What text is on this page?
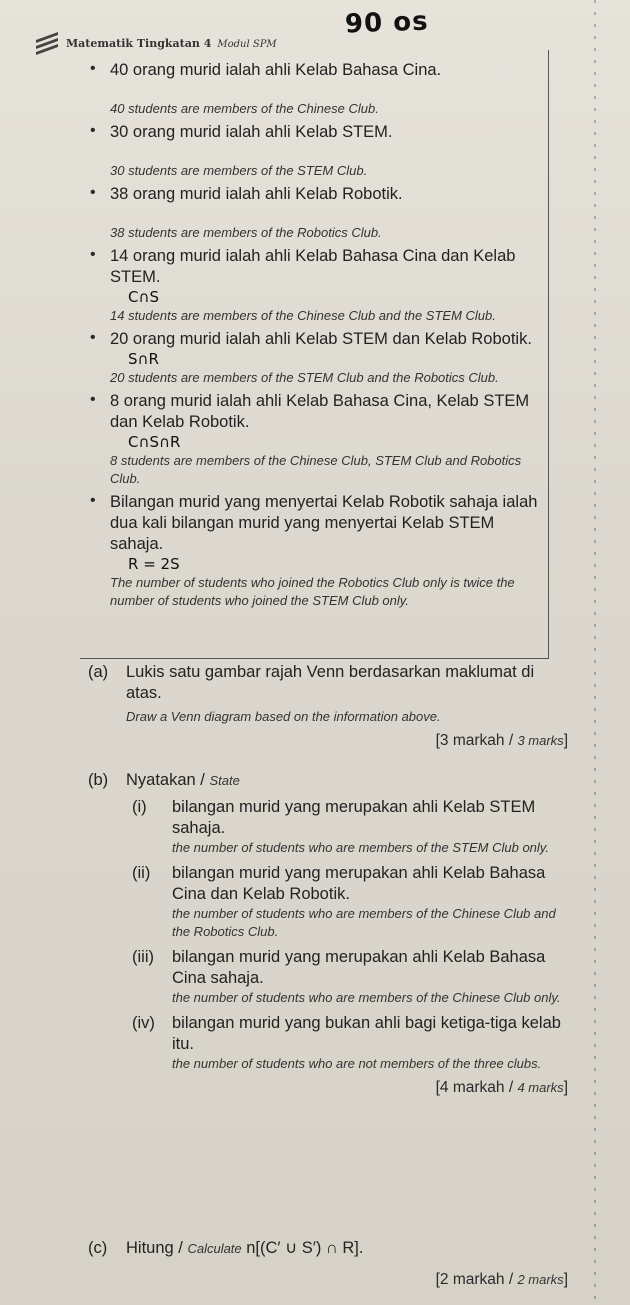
Matematik Tingkatan 4 Modul SPM
90 os
• 40 orang murid ialah ahli Kelab Bahasa Cina.
40 students are members of the Chinese Club.
• 30 orang murid ialah ahli Kelab STEM.
30 students are members of the STEM Club.
• 38 orang murid ialah ahli Kelab Robotik.
38 students are members of the Robotics Club.
• 14 orang murid ialah ahli Kelab Bahasa Cina dan Kelab STEM.
C∩S
14 students are members of the Chinese Club and the STEM Club.
• 20 orang murid ialah ahli Kelab STEM dan Kelab Robotik.
S∩R
20 students are members of the STEM Club and the Robotics Club.
• 8 orang murid ialah ahli Kelab Bahasa Cina, Kelab STEM dan Kelab Robotik.
C∩S∩R
8 students are members of the Chinese Club, STEM Club and Robotics Club.
• Bilangan murid yang menyertai Kelab Robotik sahaja ialah dua kali bilangan murid yang menyertai Kelab STEM sahaja.
R = 2S
The number of students who joined the Robotics Club only is twice the number of students who joined the STEM Club only.
(a) Lukis satu gambar rajah Venn berdasarkan maklumat di atas.
Draw a Venn diagram based on the information above.
[3 markah / 3 marks]
(b) Nyatakan / State
(i) bilangan murid yang merupakan ahli Kelab STEM sahaja.
the number of students who are members of the STEM Club only.
(ii) bilangan murid yang merupakan ahli Kelab Bahasa Cina dan Kelab Robotik.
the number of students who are members of the Chinese Club and the Robotics Club.
(iii) bilangan murid yang merupakan ahli Kelab Bahasa Cina sahaja.
the number of students who are members of the Chinese Club only.
(iv) bilangan murid yang bukan ahli bagi ketiga-tiga kelab itu.
the number of students who are not members of the three clubs.
[4 markah / 4 marks]
(c) Hitung / Calculate n[(C′ ∪ S′) ∩ R].
[2 markah / 2 marks]
